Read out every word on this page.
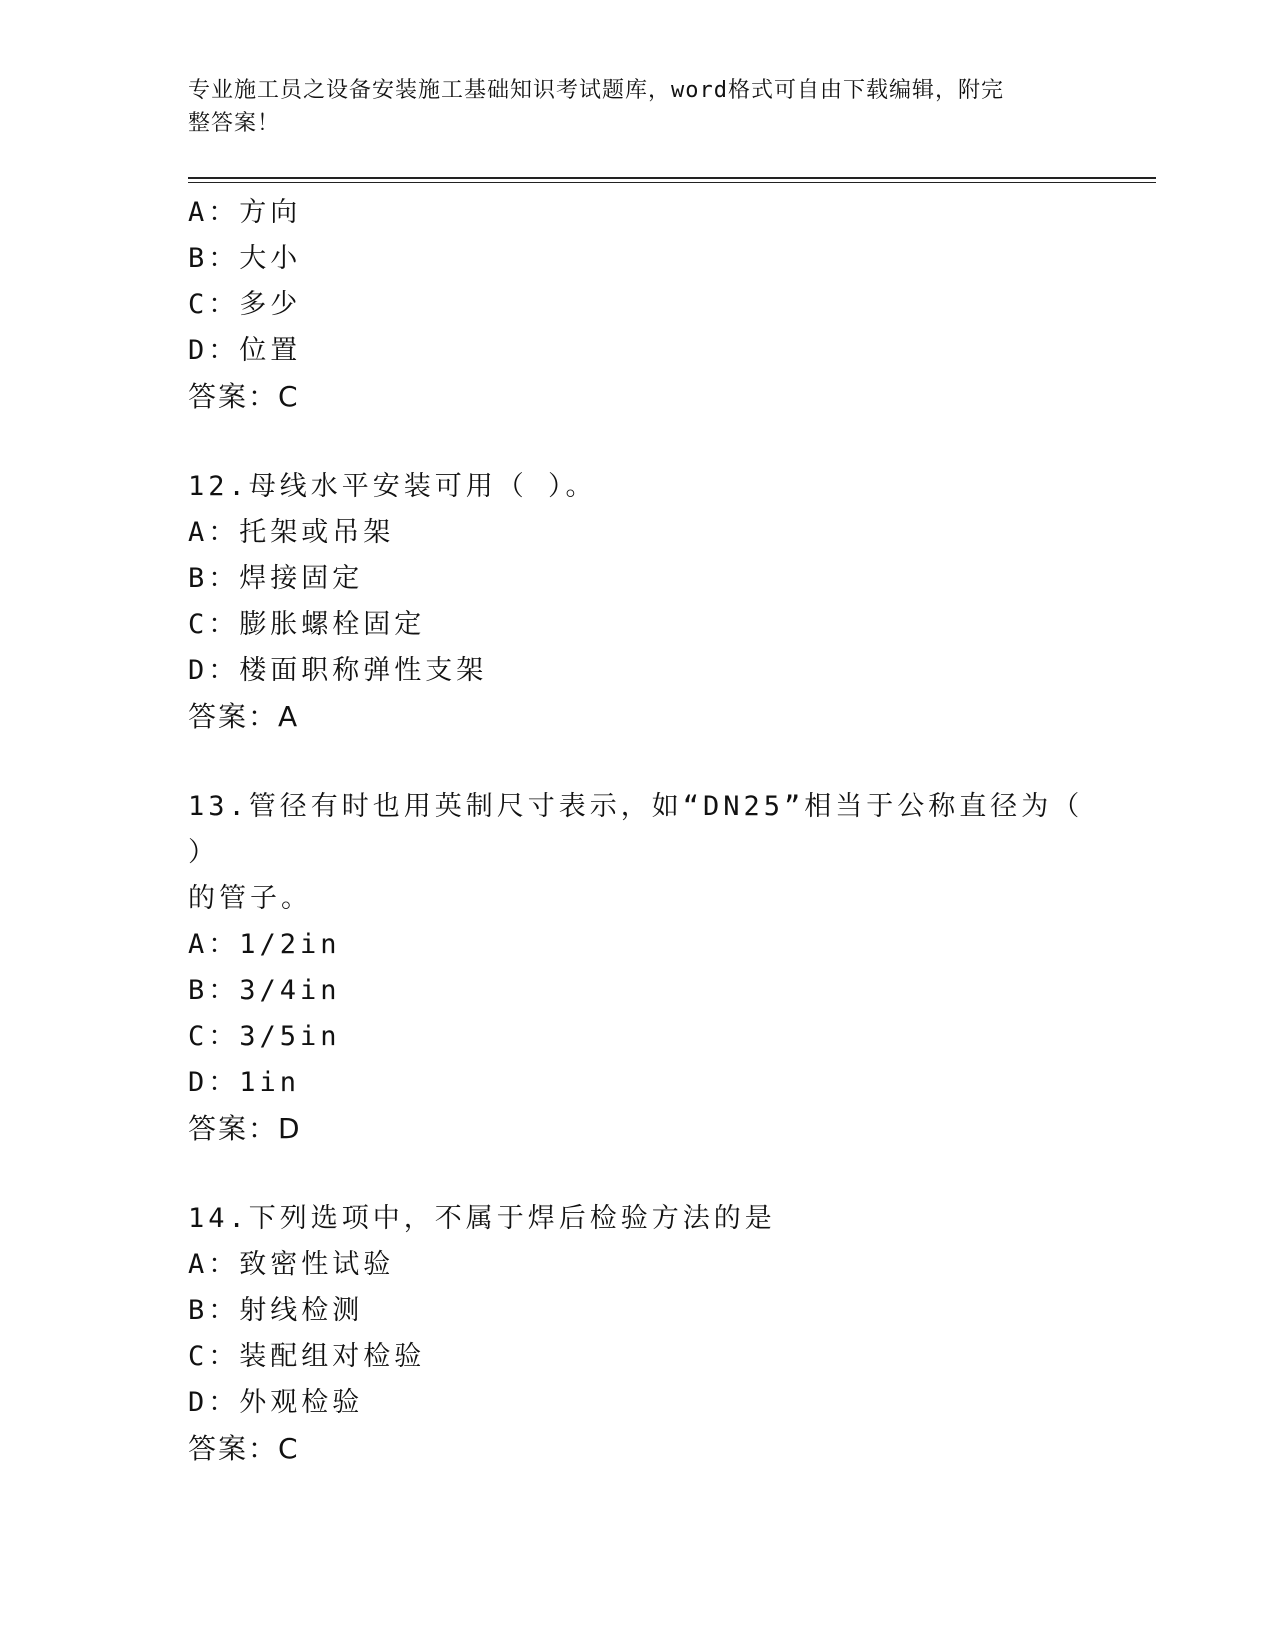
专业施工员之设备安装施工基础知识考试题库，word格式可自由下载编辑，附完
整答案！
A：方向
B：大小
C：多少
D：位置
答案：C
12.母线水平安装可用（ ）。
A：托架或吊架
B：焊接固定
C：膨胀螺栓固定
D：楼面职称弹性支架
答案：A
13.管径有时也用英制尺寸表示，如“DN25”相当于公称直径为（ ）
的管子。
A：1/2in
B：3/4in
C：3/5in
D：1in
答案：D
14.下列选项中，不属于焊后检验方法的是
A：致密性试验
B：射线检测
C：装配组对检验
D：外观检验
答案：C
